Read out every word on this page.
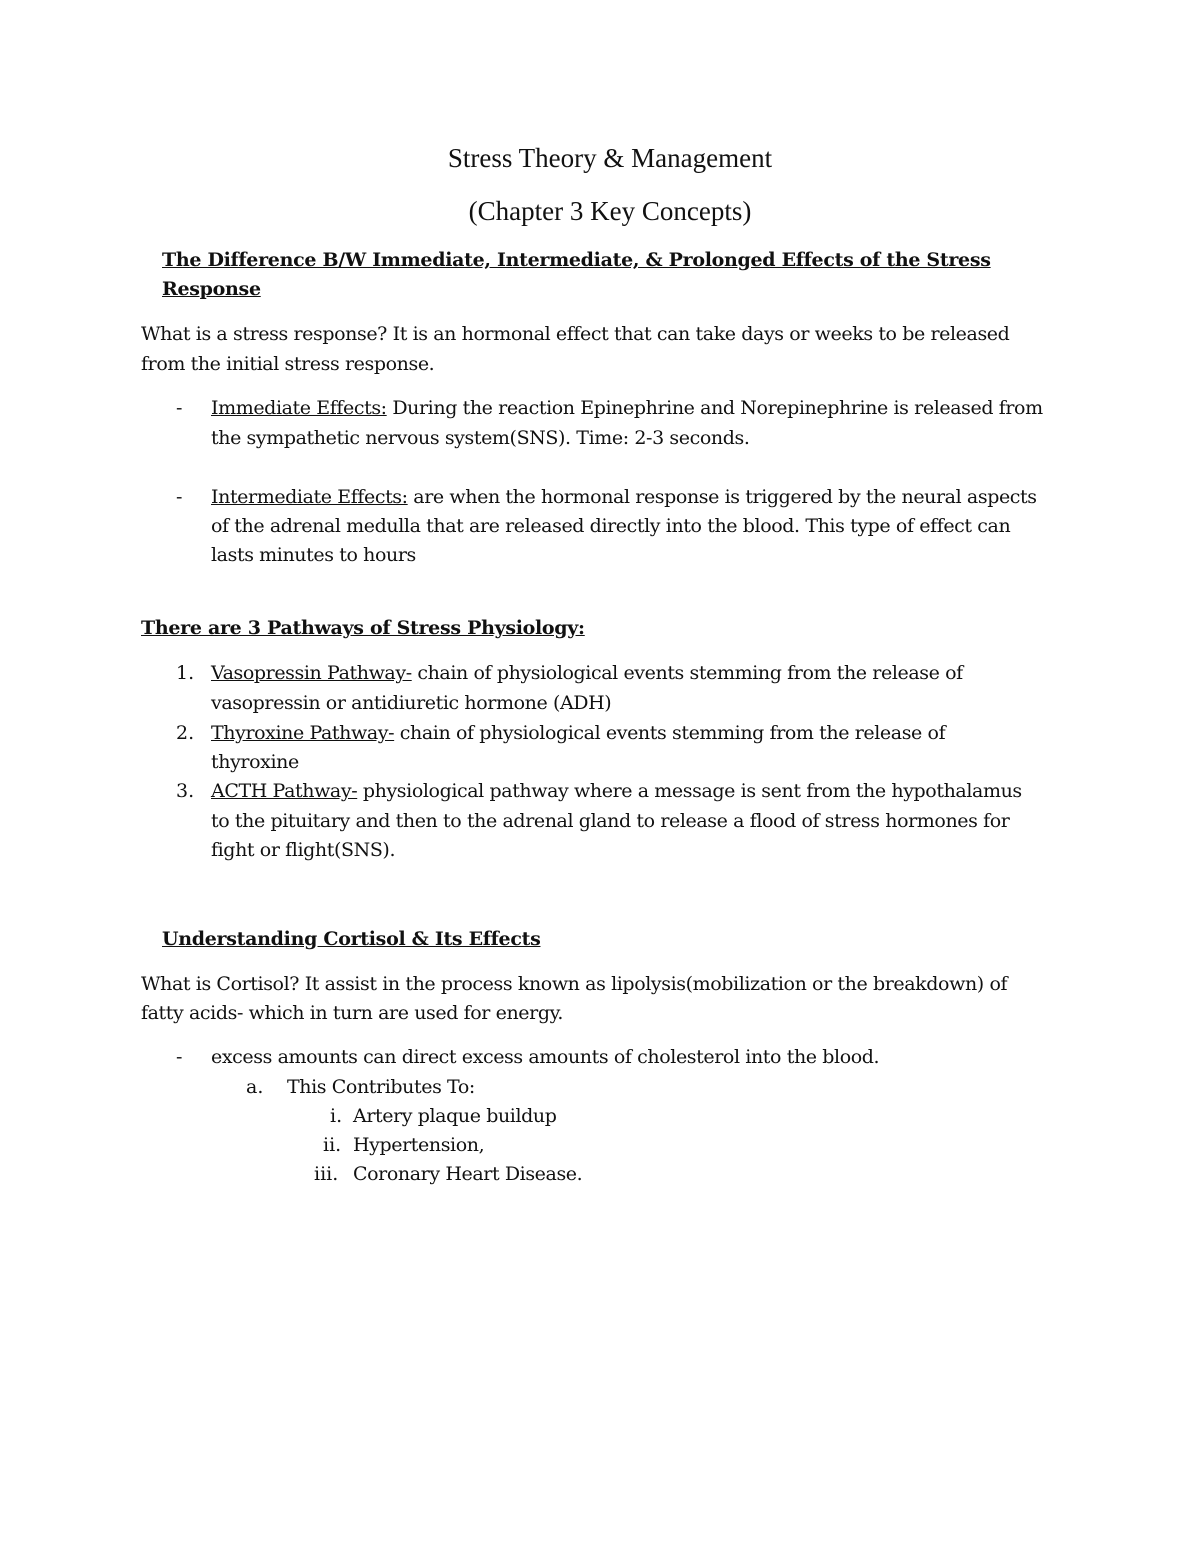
Stress Theory & Management
(Chapter 3 Key Concepts)
The Difference B/W Immediate, Intermediate, & Prolonged Effects of the Stress
Response
What is a stress response? It is an hormonal effect that can take days or weeks to be released
from the initial stress response.
- Immediate Effects: During the reaction Epinephrine and Norepinephrine is released from
the sympathetic nervous system(SNS). Time: 2-3 seconds.
- Intermediate Effects: are when the hormonal response is triggered by the neural aspects
of the adrenal medulla that are released directly into the blood. This type of effect can
lasts minutes to hours
There are 3 Pathways of Stress Physiology:
1. Vasopressin Pathway- chain of physiological events stemming from the release of
vasopressin or antidiuretic hormone (ADH)
2. Thyroxine Pathway- chain of physiological events stemming from the release of
thyroxine
3. ACTH Pathway- physiological pathway where a message is sent from the hypothalamus
to the pituitary and then to the adrenal gland to release a flood of stress hormones for
fight or flight(SNS).
Understanding Cortisol & Its Effects
What is Cortisol? It assist in the process known as lipolysis(mobilization or the breakdown) of
fatty acids- which in turn are used for energy.
- excess amounts can direct excess amounts of cholesterol into the blood.
a. This Contributes To:
i. Artery plaque buildup
ii. Hypertension,
iii. Coronary Heart Disease.
